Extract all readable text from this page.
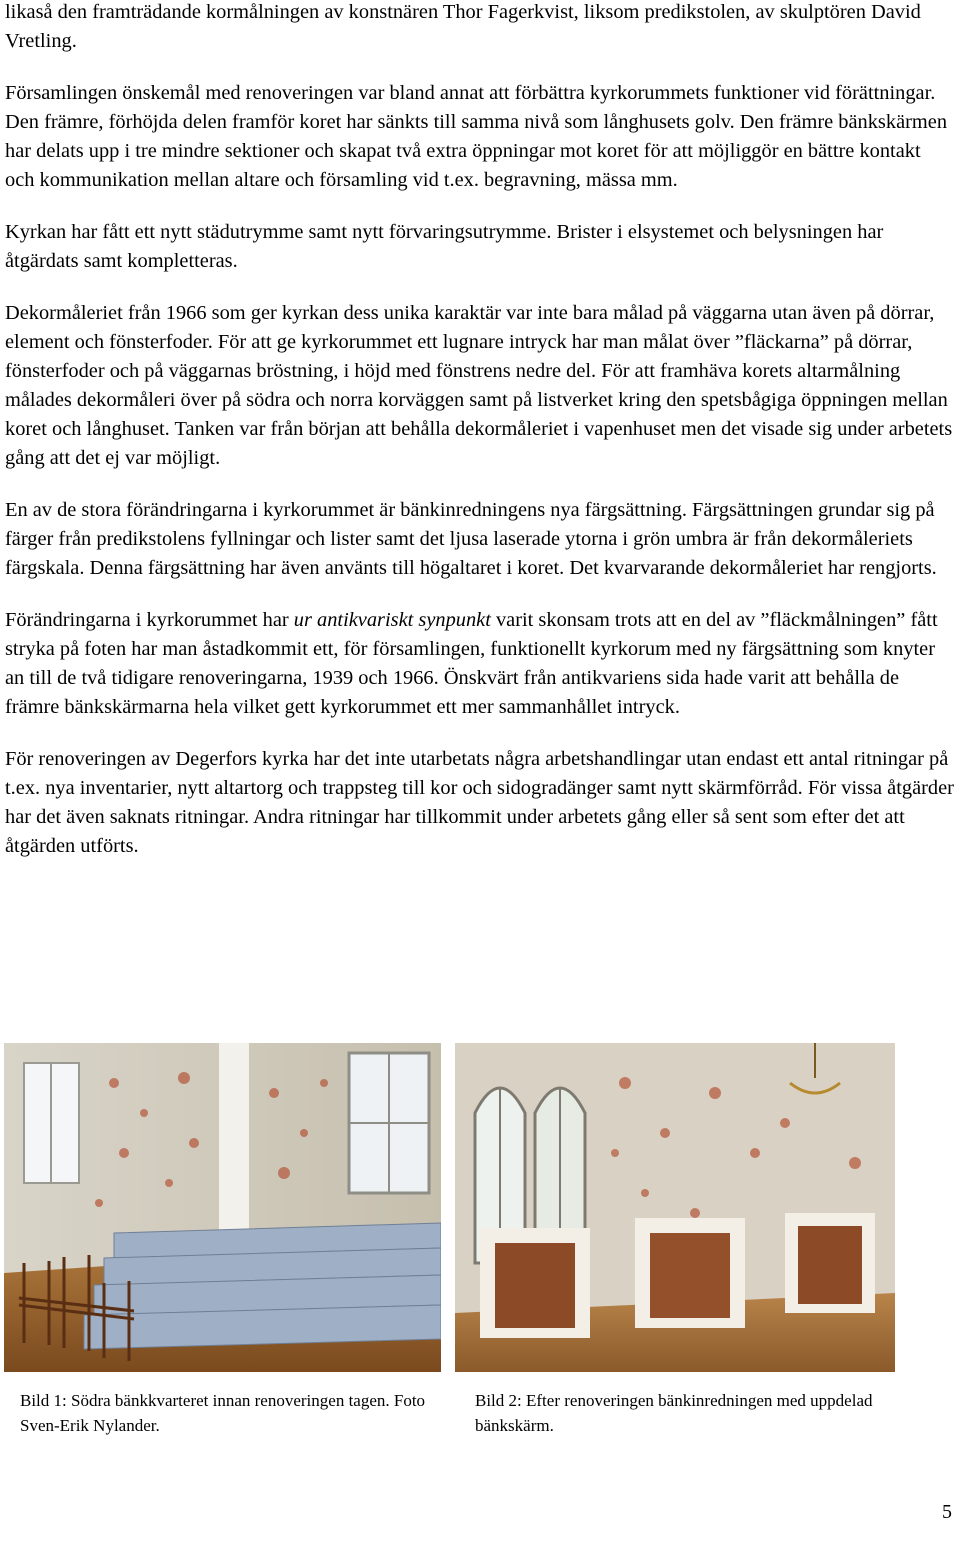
likaså den framträdande kormålningen av konstnären Thor Fagerkvist, liksom predikstolen, av skulptören David Vretling.

Församlingen önskemål med renoveringen var bland annat att förbättra kyrkorummets funktioner vid förättningar. Den främre, förhöjda delen framför koret har sänkts till samma nivå som långhusets golv. Den främre bänkskärmen har delats upp i tre mindre sektioner och skapat två extra öppningar mot koret för att möjliggör en bättre kontakt och kommunikation mellan altare och församling vid t.ex. begravning, mässa mm.

Kyrkan har fått ett nytt städutrymme samt nytt förvaringsutrymme. Brister i elsystemet och belysningen har åtgärdats samt kompletteras.

Dekormåleriet från 1966 som ger kyrkan dess unika karaktär var inte bara målad på väggarna utan även på dörrar, element och fönsterfoder. För att ge kyrkorummet ett lugnare intryck har man målat över ”fläckarna” på dörrar, fönsterfoder och på väggarnas bröstning, i höjd med fönstrens nedre del. För att framhäva korets altarmålning målades dekormåleri över på södra och norra korväggen samt på listverket kring den spetsbågiga öppningen mellan koret och långhuset. Tanken var från början att behålla dekormåleriet i vapenhuset men det visade sig under arbetets gång att det ej var möjligt.

En av de stora förändringarna i kyrkorummet är bänkinredningens nya färgsättning. Färgsättningen grundar sig på färger från predikstolens fyllningar och lister samt det ljusa laserade ytorna i grön umbra är från dekormåleriets färgskala. Denna färgsättning har även använts till högaltaret i koret. Det kvarvarande dekormåleriet har rengjorts.

Förändringarna i kyrkorummet har ur antikvariskt synpunkt varit skonsam trots att en del av ”fläckmålningen” fått stryka på foten har man åstadkommit ett, för församlingen, funktionellt kyrkorum med ny färgsättning som knyter an till de två tidigare renoveringarna, 1939 och 1966. Önskvärt från antikvariens sida hade varit att behålla de främre bänkskärmarna hela vilket gett kyrkorummet ett mer sammanhållet intryck.

För renoveringen av Degerfors kyrka har det inte utarbetats några arbetshandlingar utan endast ett antal ritningar på t.ex. nya inventarier, nytt altartorg och trappsteg till kor och sidogradänger samt nytt skärmförråd. För vissa åtgärder har det även saknats ritningar. Andra ritningar har tillkommit under arbetets gång eller så sent som efter det att åtgärden utförts.

Bild 1: Södra bänkkvarteret innan renoveringen tagen. Foto Sven-Erik Nylander.
Bild 2: Efter renoveringen bänkinredningen med uppdelad bänkskärm.
5
